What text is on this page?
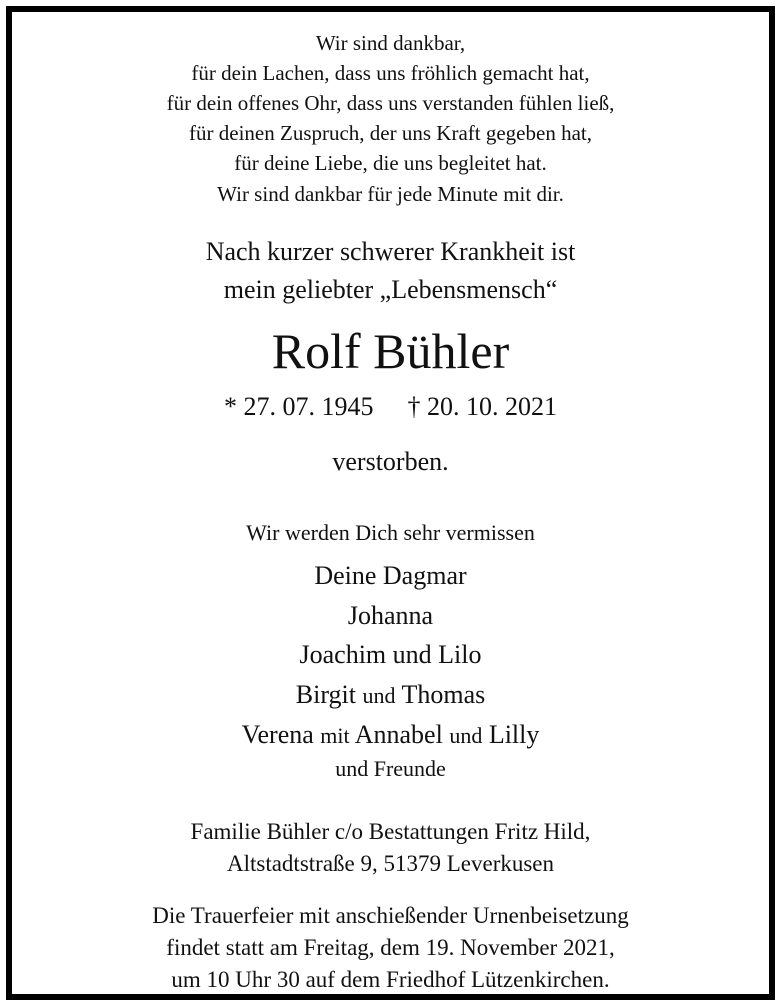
Wir sind dankbar,
für dein Lachen, dass uns fröhlich gemacht hat,
für dein offenes Ohr, dass uns verstanden fühlen ließ,
für deinen Zuspruch, der uns Kraft gegeben hat,
für deine Liebe, die uns begleitet hat.
Wir sind dankbar für jede Minute mit dir.
Nach kurzer schwerer Krankheit ist
mein geliebter „Lebensmensch“
Rolf Bühler
* 27. 07. 1945 † 20. 10. 2021
verstorben.
Wir werden Dich sehr vermissen
Deine Dagmar
Johanna
Joachim und Lilo
Birgit und Thomas
Verena mit Annabel und Lilly
und Freunde
Familie Bühler c/o Bestattungen Fritz Hild,
Altstadtstraße 9, 51379 Leverkusen
Die Trauerfeier mit anschießender Urnenbeisetzung
findet statt am Freitag, dem 19. November 2021,
um 10 Uhr 30 auf dem Friedhof Lützenkirchen.
